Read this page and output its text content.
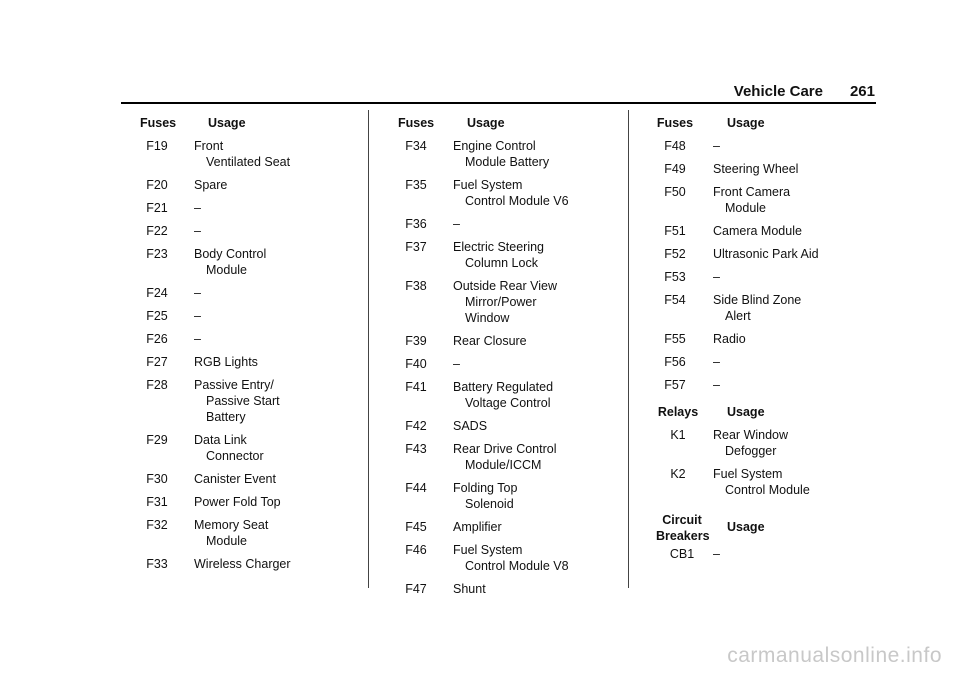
Vehicle Care 261
Fuses	Usage
F19	Front
Ventilated Seat
F20	Spare
F21	–
F22	–
F23	Body Control
Module
F24	–
F25	–
F26	–
F27	RGB Lights
F28	Passive Entry/
Passive Start
Battery
F29	Data Link
Connector
F30	Canister Event
F31	Power Fold Top
F32	Memory Seat
Module
F33	Wireless Charger
Fuses	Usage
F34	Engine Control
Module Battery
F35	Fuel System
Control Module V6
F36	–
F37	Electric Steering
Column Lock
F38	Outside Rear View
Mirror/Power
Window
F39	Rear Closure
F40	–
F41	Battery Regulated
Voltage Control
F42	SADS
F43	Rear Drive Control
Module/ICCM
F44	Folding Top
Solenoid
F45	Amplifier
F46	Fuel System
Control Module V8
F47	Shunt
Fuses	Usage
F48	–
F49	Steering Wheel
F50	Front Camera
Module
F51	Camera Module
F52	Ultrasonic Park Aid
F53	–
F54	Side Blind Zone
Alert
F55	Radio
F56	–
F57	–
Relays Usage
K1	Rear Window
Defogger
K2	Fuel System
Control Module
Circuit
Breakers
Usage
CB1	–
carmanualsonline.info
